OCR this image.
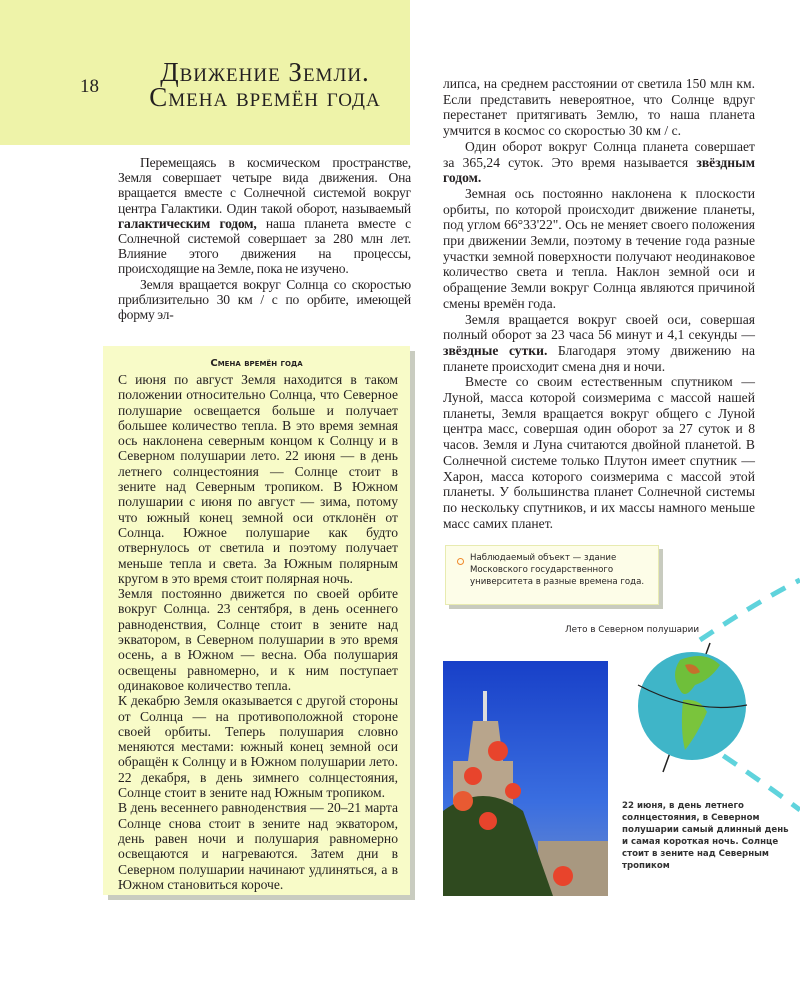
18	Движение Земли.
Смена времён года

Перемещаясь в космическом пространстве, Земля совершает четыре вида движения. Она вращается вместе с Солнечной системой вокруг центра Галактики. Один такой оборот, называемый галактическим годом, наша планета вместе с Солнечной системой совершает за 280 млн лет. Влияние этого движения на процессы, происходящие на Земле, пока не изучено.

Земля вращается вокруг Солнца со скоростью приблизительно 30 км / с по орбите, имеющей форму эл-

липса, на среднем расстоянии от светила 150 млн км. Если представить невероятное, что Солнце вдруг перестанет притягивать Землю, то наша планета умчится в космос со скоростью 30 км / с.

Один оборот вокруг Солнца планета совершает за 365,24 суток. Это время называется звёздным годом.

Земная ось постоянно наклонена к плоскости орбиты, по которой происходит движение планеты, под углом 66°33'22". Ось не меняет своего положения при движении Земли, поэтому в течение года разные участки земной поверхности получают неодинаковое количество света и тепла. Наклон земной оси и обращение Земли вокруг Солнца являются причиной смены времён года.

Земля вращается вокруг своей оси, совершая полный оборот за 23 часа 56 минут и 4,1 секунды — звёздные сутки. Благодаря этому движению на планете происходит смена дня и ночи.

Вместе со своим естественным спутником — Луной, масса которой соизмерима с массой нашей планеты, Земля вращается вокруг общего с Луной центра масс, совершая один оборот за 27 суток и 8 часов. Земля и Луна считаются двойной планетой. В Солнечной системе только Плутон имеет спутник — Харон, масса которого соизмерима с массой этой планеты. У большинства планет Солнечной системы по нескольку спутников, и их массы намного меньше масс самих планет.

Смена времён года

С июня по август Земля находится в таком положении относительно Солнца, что Северное полушарие освещается больше и получает большее количество тепла. В это время земная ось наклонена северным концом к Солнцу и в Северном полушарии лето. 22 июня — в день летнего солнцестояния — Солнце стоит в зените над Северным тропиком. В Южном полушарии с июня по август — зима, потому что южный конец земной оси отклонён от Солнца. Южное полушарие как будто отвернулось от светила и поэтому получает меньше тепла и света. За Южным полярным кругом в это время стоит полярная ночь.

Земля постоянно движется по своей орбите вокруг Солнца. 23 сентября, в день осеннего равноденствия, Солнце стоит в зените над экватором, в Северном полушарии в это время осень, а в Южном — весна. Оба полушария освещены равномерно, и к ним поступает одинаковое количество тепла.

К декабрю Земля оказывается с другой стороны от Солнца — на противоположной стороне своей орбиты. Теперь полушария словно меняются местами: южный конец земной оси обращён к Солнцу и в Южном полушарии лето. 22 декабря, в день зимнего солнцестояния, Солнце стоит в зените над Южным тропиком.

В день весеннего равноденствия — 20–21 марта Солнце снова стоит в зените над экватором, день равен ночи и полушария равномерно освещаются и нагреваются. Затем дни в Северном полушарии начинают удлиняться, а в Южном становиться короче.

Наблюдаемый объект — здание Московского государственного университета в разные времена года.
Лето в Северном полушарии
22 июня, в день летнего солнцестояния, в Северном полушарии самый длинный день и самая короткая ночь. Солнце стоит в зените над Северным тропиком
